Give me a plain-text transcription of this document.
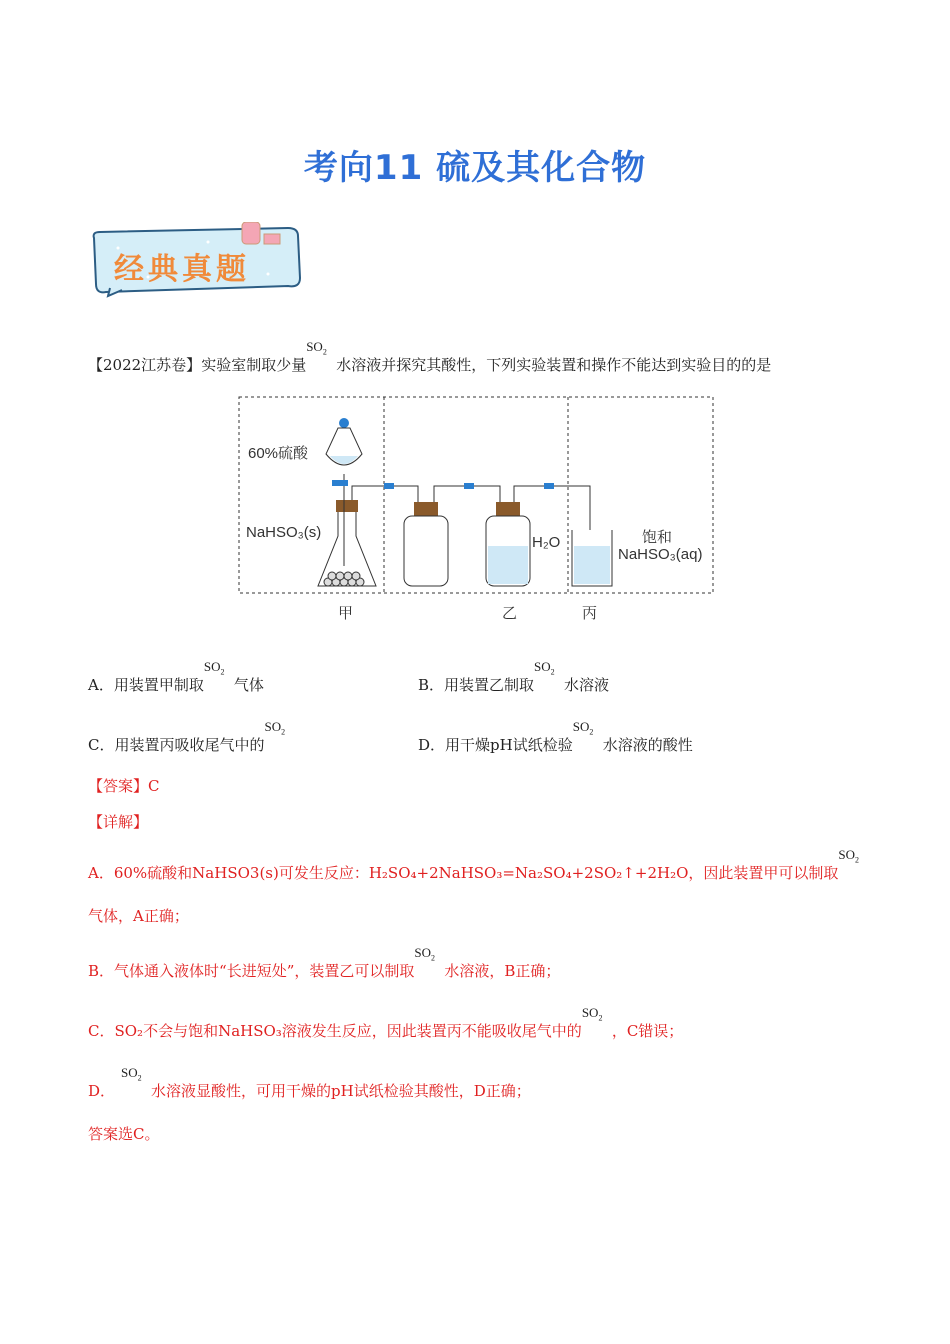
考向11 硫及其化合物
经典真题
【2022江苏卷】实验室制取少量
$SO_2$
水溶液并探究其酸性，下列实验装置和操作不能达到实验目的的是
60%硫酸
NaHSO₃(s)
H₂O	饱和
NaHSO₃(aq)
甲	乙	丙
A．用装置甲制取
$SO_2$
气体	B．用装置乙制取
$SO_2$
水溶液
C．用装置丙吸收尾气中的
$SO_2$
D．用干燥pH试纸检验
$SO_2$
水溶液的酸性
【答案】C
【详解】
A．60%硫酸和NaHSO3(s)可发生反应：H₂SO₄+2NaHSO₃=Na₂SO₄+2SO₂↑+2H₂O，因此装置甲可以制取
$SO_2$
气体，A正确；
B．气体通入液体时“长进短处”，装置乙可以制取
$SO_2$
水溶液，B正确；
C．SO₂不会与饱和NaHSO₃溶液发生反应，因此装置丙不能吸收尾气中的
$SO_2$
，C错误；
D．
$SO_2$
水溶液显酸性，可用干燥的pH试纸检验其酸性，D正确；
答案选C。
